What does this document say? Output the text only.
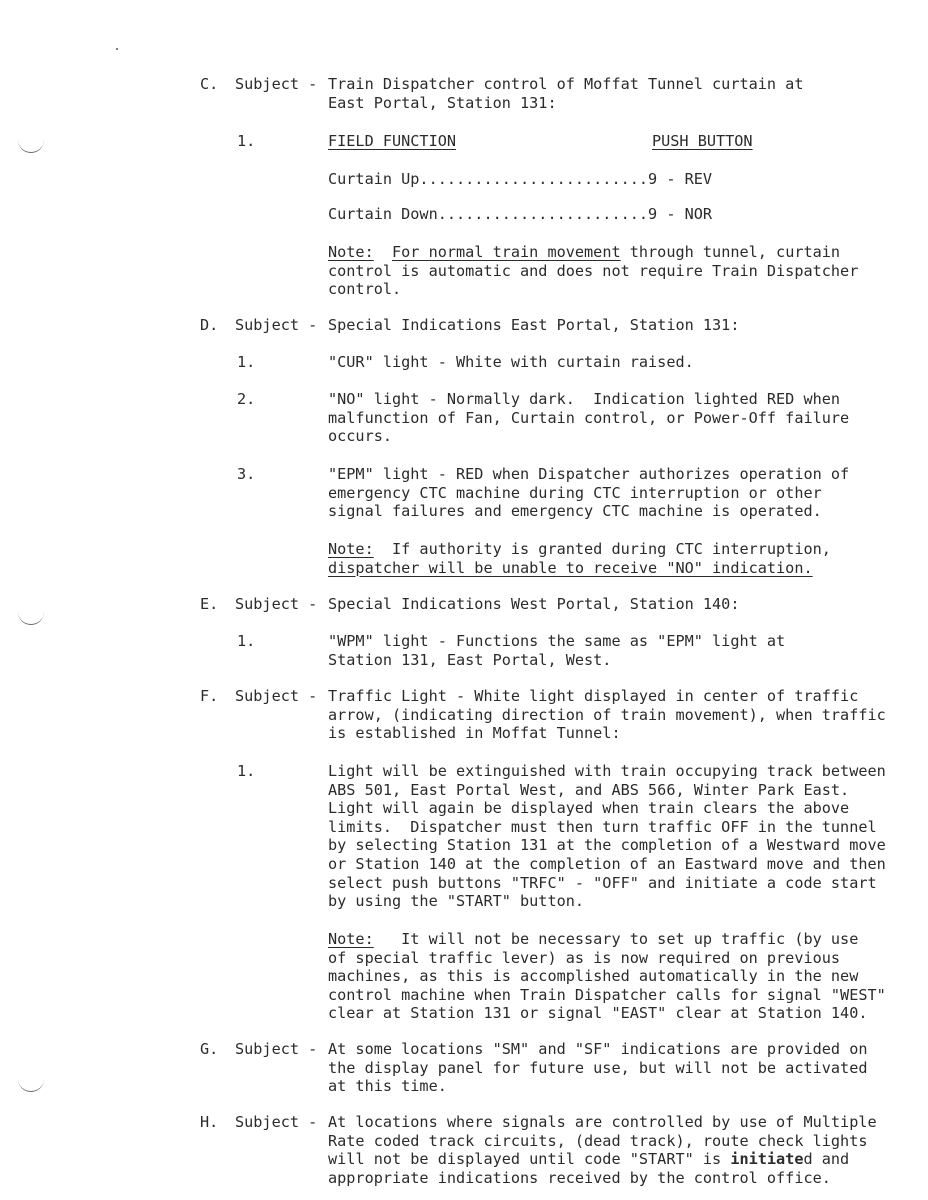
C. Subject - Train Dispatcher control of Moffat Tunnel curtain at
East Portal, Station 131:
1.	FIELD FUNCTION	PUSH BUTTON
Curtain Up.........................9 - REV
Curtain Down.......................9 - NOR
Note: For normal train movement through tunnel, curtain
control is automatic and does not require Train Dispatcher
control.
D. Subject - Special Indications East Portal, Station 131:
1.	"CUR" light - White with curtain raised.
2.	"NO" light - Normally dark.  Indication lighted RED when
malfunction of Fan, Curtain control, or Power-Off failure
occurs.
3.	"EPM" light - RED when Dispatcher authorizes operation of
emergency CTC machine during CTC interruption or other
signal failures and emergency CTC machine is operated.
Note:  If authority is granted during CTC interruption,
dispatcher will be unable to receive "NO" indication.
E. Subject - Special Indications West Portal, Station 140:
1.	"WPM" light - Functions the same as "EPM" light at
Station 131, East Portal, West.
F. Subject - Traffic Light - White light displayed in center of traffic
arrow, (indicating direction of train movement), when traffic
is established in Moffat Tunnel:
1.	Light will be extinguished with train occupying track between
ABS 501, East Portal West, and ABS 566, Winter Park East.
Light will again be displayed when train clears the above
limits.  Dispatcher must then turn traffic OFF in the tunnel
by selecting Station 131 at the completion of a Westward move
or Station 140 at the completion of an Eastward move and then
select push buttons "TRFC" - "OFF" and initiate a code start
by using the "START" button.
Note:   It will not be necessary to set up traffic (by use
of special traffic lever) as is now required on previous
machines, as this is accomplished automatically in the new
control machine when Train Dispatcher calls for signal "WEST"
clear at Station 131 or signal "EAST" clear at Station 140.
G. Subject - At some locations "SM" and "SF" indications are provided on
the display panel for future use, but will not be activated
at this time.
H. Subject - At locations where signals are controlled by use of Multiple
Rate coded track circuits, (dead track), route check lights
will not be displayed until code "START" is initiated and
appropriate indications received by the control office.
